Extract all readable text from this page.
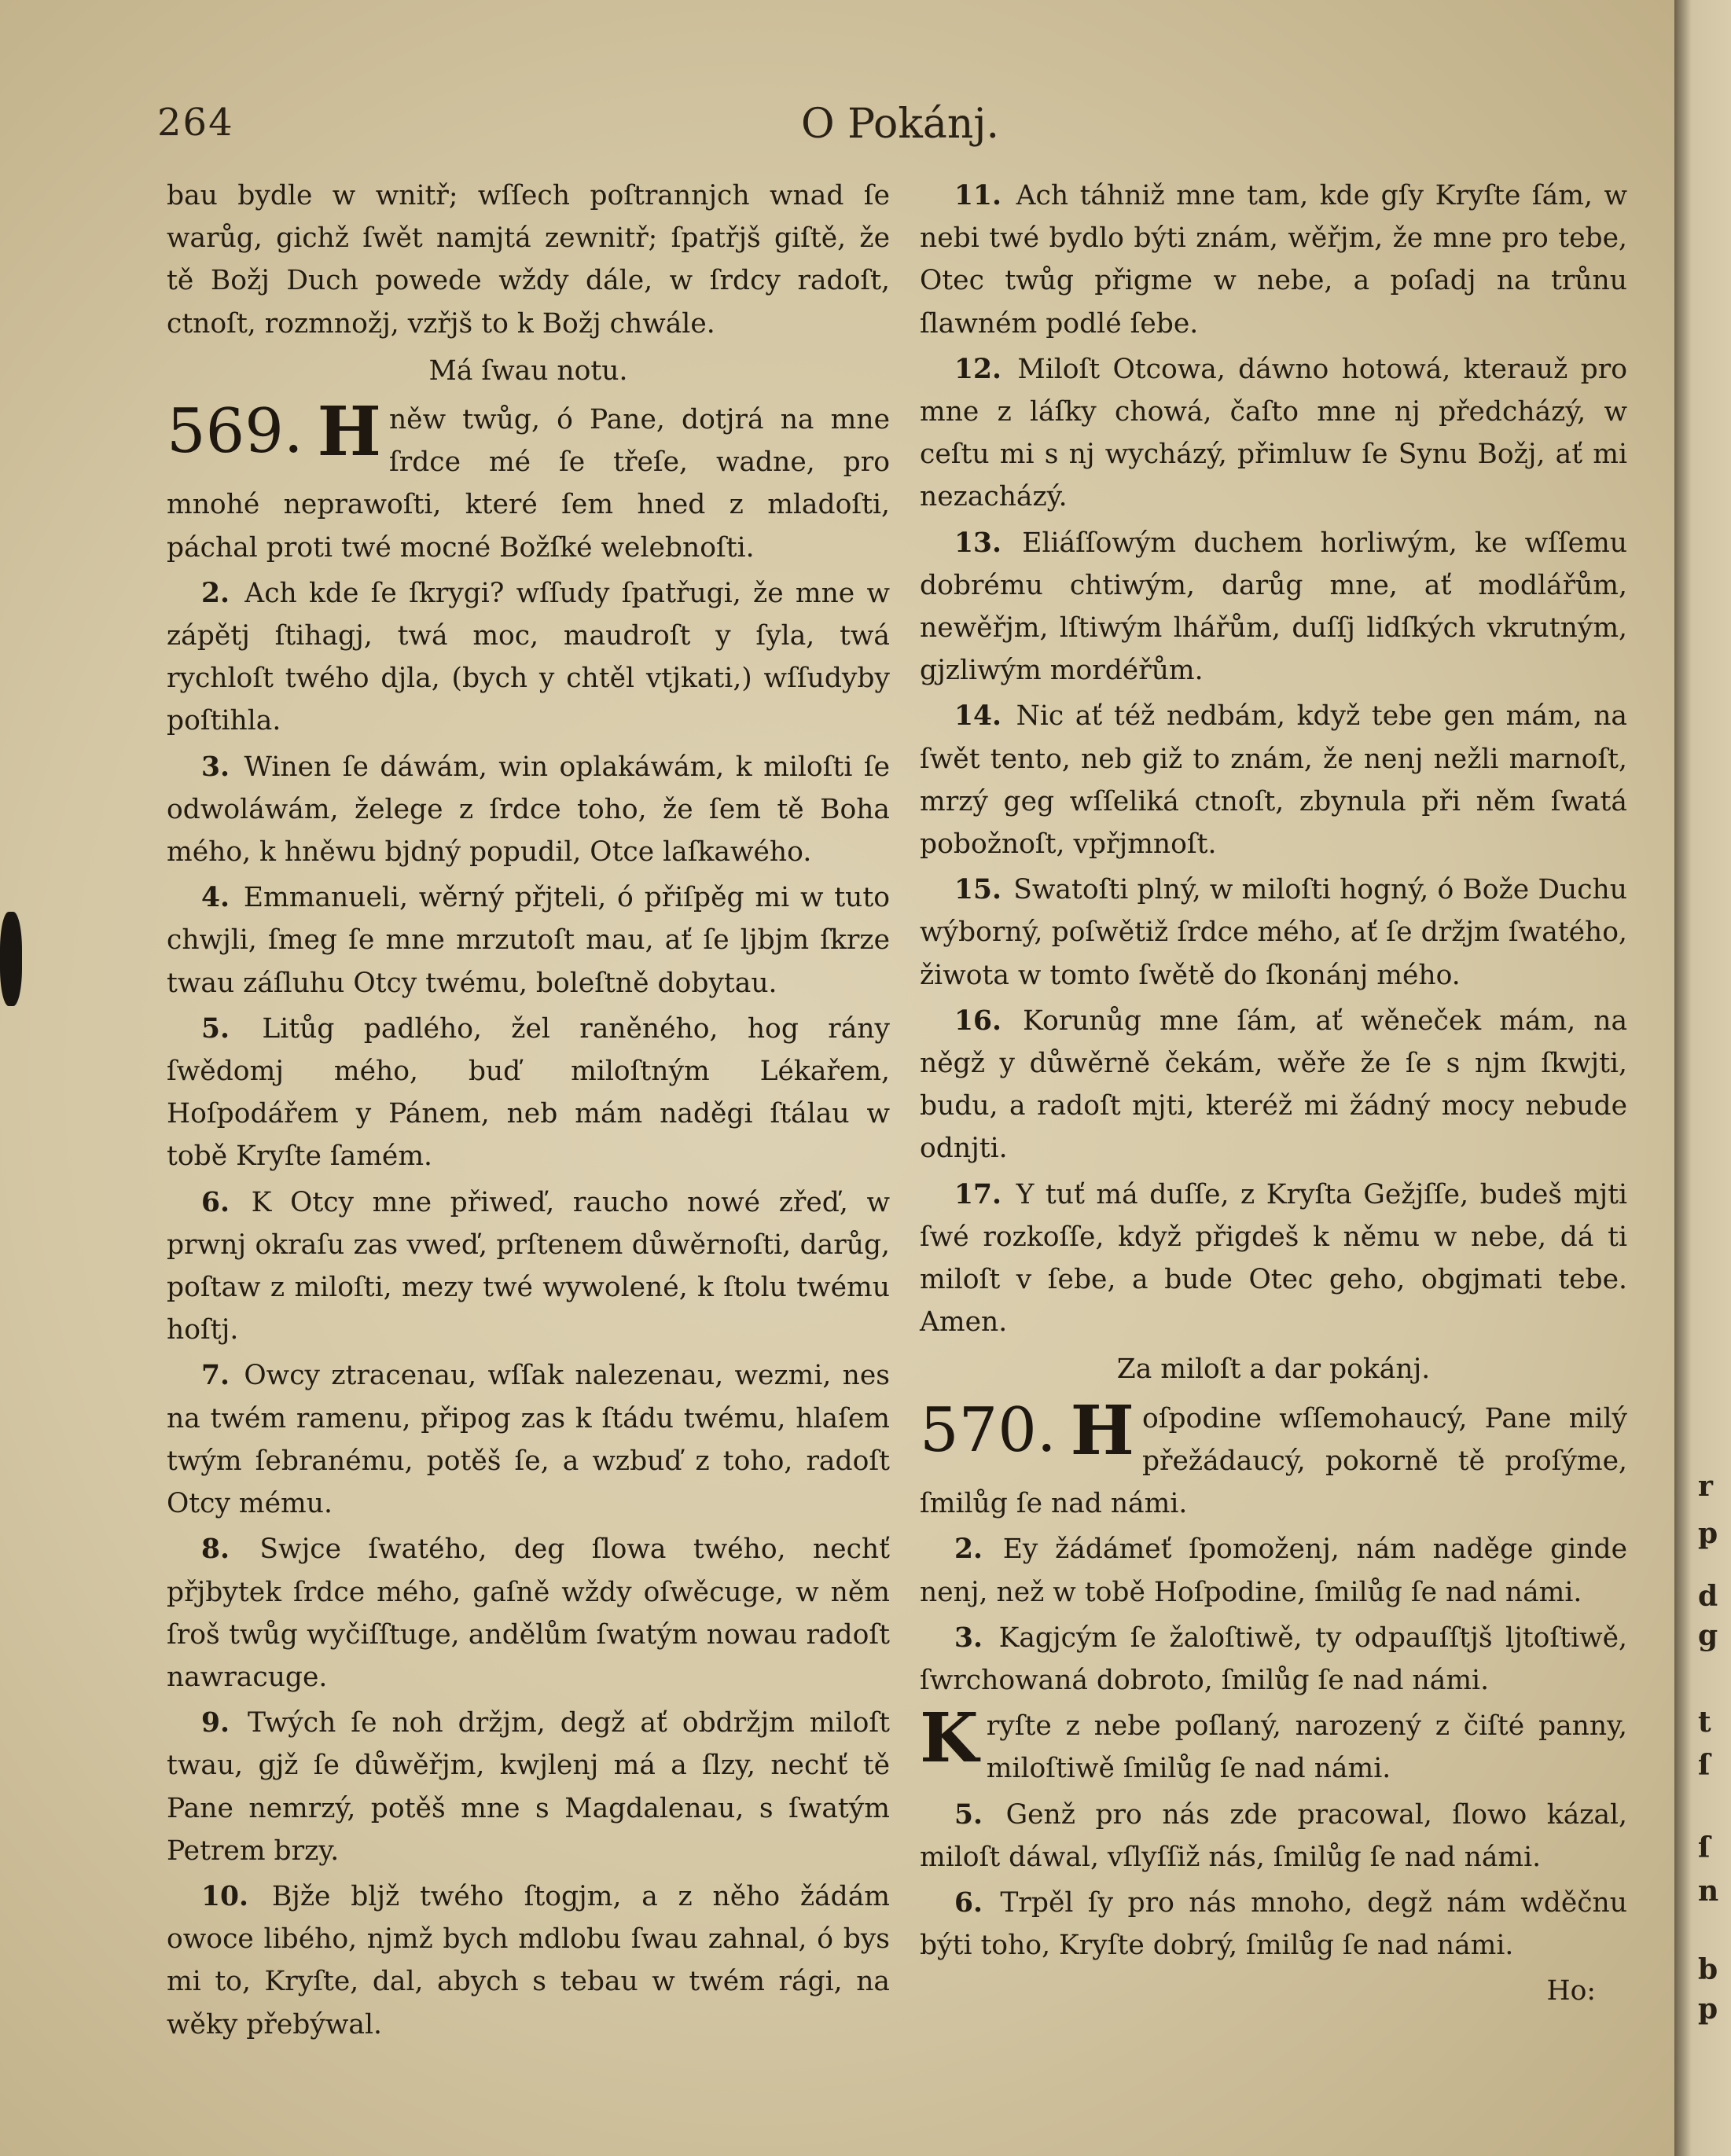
264	O Pokánj.

bau bydle w wnitř; wſſech poſtrannjch wnad ſe warůg, gichž ſwět namjtá zewnitř; ſpatřjš giſtě, že tě Božj Duch powede wždy dále, w ſrdcy radoſt, ctnoſt, rozmnožj, vzřjš to k Božj chwále.

Má ſwau notu.

569. H něw twůg, ó Pane, dotjrá na mne ſrdce mé ſe třeſe, wadne, pro mnohé neprawoſti, které ſem hned z mladoſti, páchal proti twé mocné Božſké welebnoſti.

2. Ach kde ſe ſkrygi? wſſudy ſpatřugi, že mne w zápětj ſtihagj, twá moc, maudroſt y ſyla, twá rychloſt twého djla, (bych y chtěl vtjkati,) wſſudyby poſtihla.

3. Winen ſe dáwám, win oplakáwám, k miloſti ſe odwoláwám, želege z ſrdce toho, že ſem tě Boha mého, k hněwu bjdný popudil, Otce laſkawého.

4. Emmanueli, wěrný přjteli, ó přiſpěg mi w tuto chwjli, ſmeg ſe mne mrzutoſt mau, ať ſe ljbjm ſkrze twau záſluhu Otcy twému, boleſtně dobytau.

5. Litůg padlého, žel raněného, hog rány ſwědomj mého, buď miloſtným Lékařem, Hoſpodářem y Pánem, neb mám naděgi ſtálau w tobě Kryſte ſamém.

6. K Otcy mne přiweď, raucho nowé zřeď, w prwnj okraſu zas vweď, prſtenem důwěrnoſti, darůg, poſtaw z miloſti, mezy twé wywolené, k ſtolu twému hoſtj.

7. Owcy ztracenau, wſſak nalezenau, wezmi, nes na twém ramenu, připog zas k ſtádu twému, hlaſem twým ſebranému, potěš ſe, a wzbuď z toho, radoſt Otcy mému.

8. Swjce ſwatého, deg ſlowa twého, nechť přjbytek ſrdce mého, gaſně wždy oſwěcuge, w něm ſroš twůg wyčiſſtuge, andělům ſwatým nowau radoſt nawracuge.

9. Twých ſe noh držjm, degž ať obdržjm miloſt twau, gjž ſe důwěřjm, kwjlenj má a ſlzy, nechť tě Pane nemrzý, potěš mne s Magdalenau, s ſwatým Petrem brzy.

10. Bjže bljž twého ſtogjm, a z něho žádám owoce libého, njmž bych mdlobu ſwau zahnal, ó bys mi to, Kryſte, dal, abych s tebau w twém rági, na wěky přebýwal.

11. Ach táhniž mne tam, kde gſy Kryſte ſám, w nebi twé bydlo býti znám, wěřjm, že mne pro tebe, Otec twůg přigme w nebe, a poſadj na trůnu ſlawném podlé ſebe.

12. Miloſt Otcowa, dáwno hotowá, kterauž pro mne z láſky chowá, čaſto mne nj předcházý, w ceſtu mi s nj wycházý, přimluw ſe Synu Božj, ať mi nezacházý.

13. Eliáſſowým duchem horliwým, ke wſſemu dobrému chtiwým, darůg mne, ať modlářům, newěřjm, lſtiwým lhářům, duſſj lidſkých vkrutným, gjzliwým mordéřům.

14. Nic ať též nedbám, když tebe gen mám, na ſwět tento, neb giž to znám, že nenj nežli marnoſt, mrzý geg wſſeliká ctnoſt, zbynula při něm ſwatá pobožnoſt, vpřjmnoſt.

15. Swatoſti plný, w miloſti hogný, ó Bože Duchu wýborný, poſwětiž ſrdce mého, ať ſe držjm ſwatého, žiwota w tomto ſwětě do ſkonánj mého.

16. Korunůg mne ſám, ať wěneček mám, na něgž y důwěrně čekám, wěře že ſe s njm ſkwjti, budu, a radoſt mjti, kteréž mi žádný mocy nebude odnjti.

17. Y tuť má duſſe, z Kryſta Gežjſſe, budeš mjti ſwé rozkoſſe, když přigdeš k němu w nebe, dá ti miloſt v ſebe, a bude Otec geho, obgjmati tebe. Amen.

Za miloſt a dar pokánj.

570. H oſpodine wſſemohaucý, Pane milý přežádaucý, pokorně tě proſýme, ſmilůg ſe nad námi.

2. Ey žádámeť ſpomoženj, nám naděge ginde nenj, než w tobě Hoſpodine, ſmilůg ſe nad námi.

3. Kagjcým ſe žaloſtiwě, ty odpauſſtjš ljtoſtiwě, ſwrchowaná dobroto, ſmilůg ſe nad námi.

K ryſte z nebe poſlaný, narozený z čiſté panny, miloſtiwě ſmilůg ſe nad námi.

5. Genž pro nás zde pracowal, ſlowo kázal, miloſt dáwal, vſlyſſiž nás, ſmilůg ſe nad námi.

6. Trpěl ſy pro nás mnoho, degž nám wděčnu býti toho, Kryſte dobrý, ſmilůg ſe nad námi.

Ho:

r
p
d
g
t
ſ
ſ
n
b
p
